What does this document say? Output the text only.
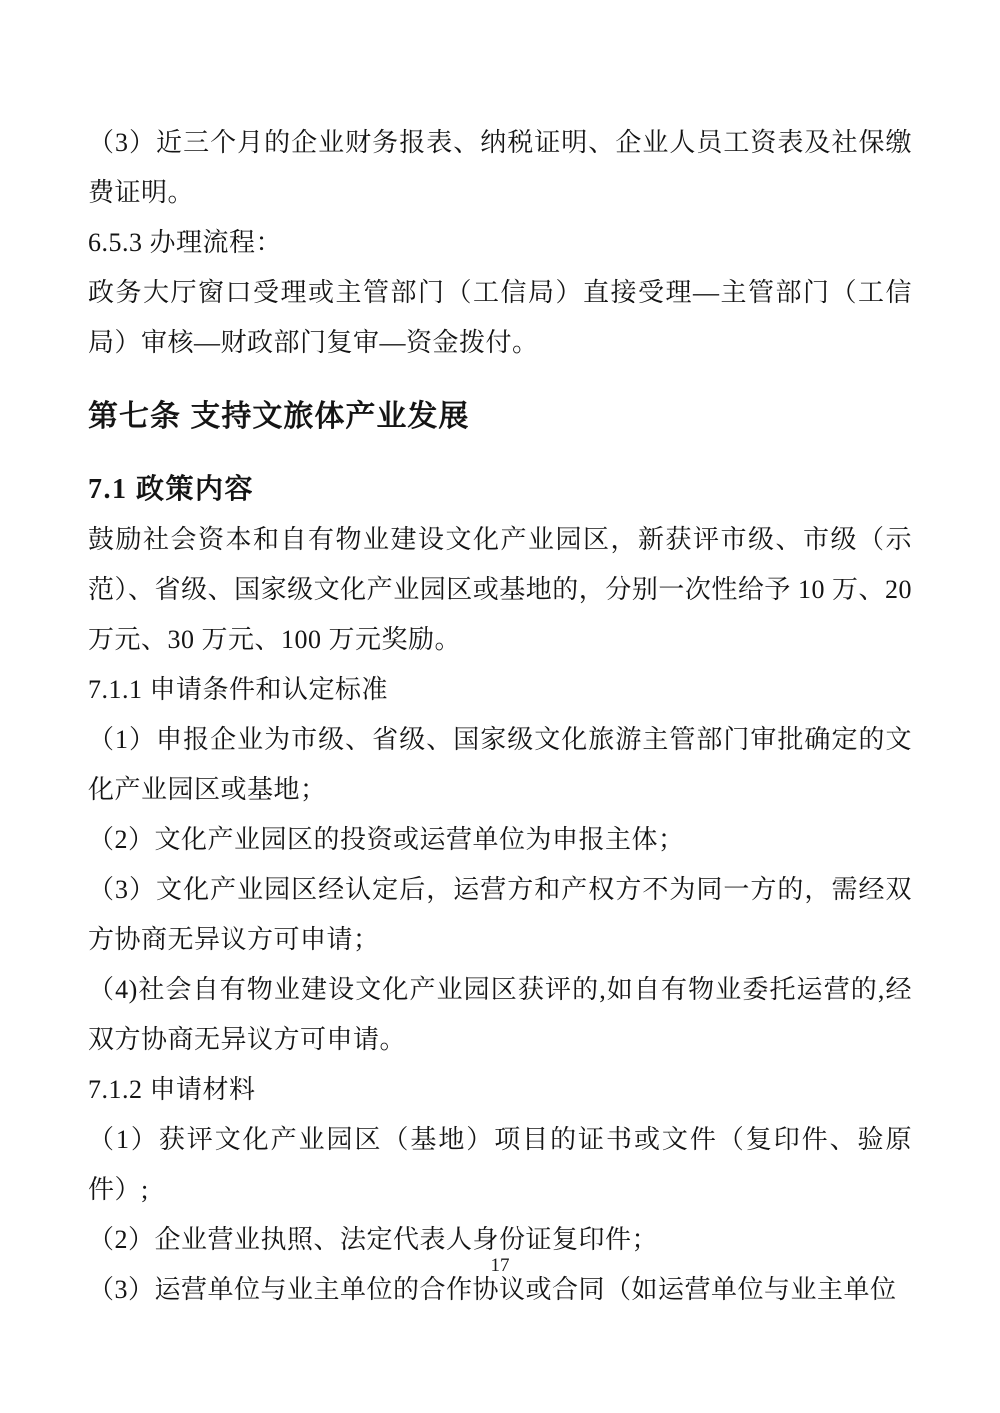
（3）近三个月的企业财务报表、纳税证明、企业人员工资表及社保缴费证明。

6.5.3 办理流程：

政务大厅窗口受理或主管部门（工信局）直接受理—主管部门（工信局）审核—财政部门复审—资金拨付。

第七条 支持文旅体产业发展
7.1 政策内容

鼓励社会资本和自有物业建设文化产业园区，新获评市级、市级（示范）、省级、国家级文化产业园区或基地的，分别一次性给予 10 万、20 万元、30 万元、100 万元奖励。

7.1.1 申请条件和认定标准

（1）申报企业为市级、省级、国家级文化旅游主管部门审批确定的文化产业园区或基地；

（2）文化产业园区的投资或运营单位为申报主体；

（3）文化产业园区经认定后，运营方和产权方不为同一方的，需经双方协商无异议方可申请；

（4)社会自有物业建设文化产业园区获评的,如自有物业委托运营的,经双方协商无异议方可申请。

7.1.2 申请材料

（1）获评文化产业园区（基地）项目的证书或文件（复印件、验原件）;

（2）企业营业执照、法定代表人身份证复印件；

（3）运营单位与业主单位的合作协议或合同（如运营单位与业主单位

17
